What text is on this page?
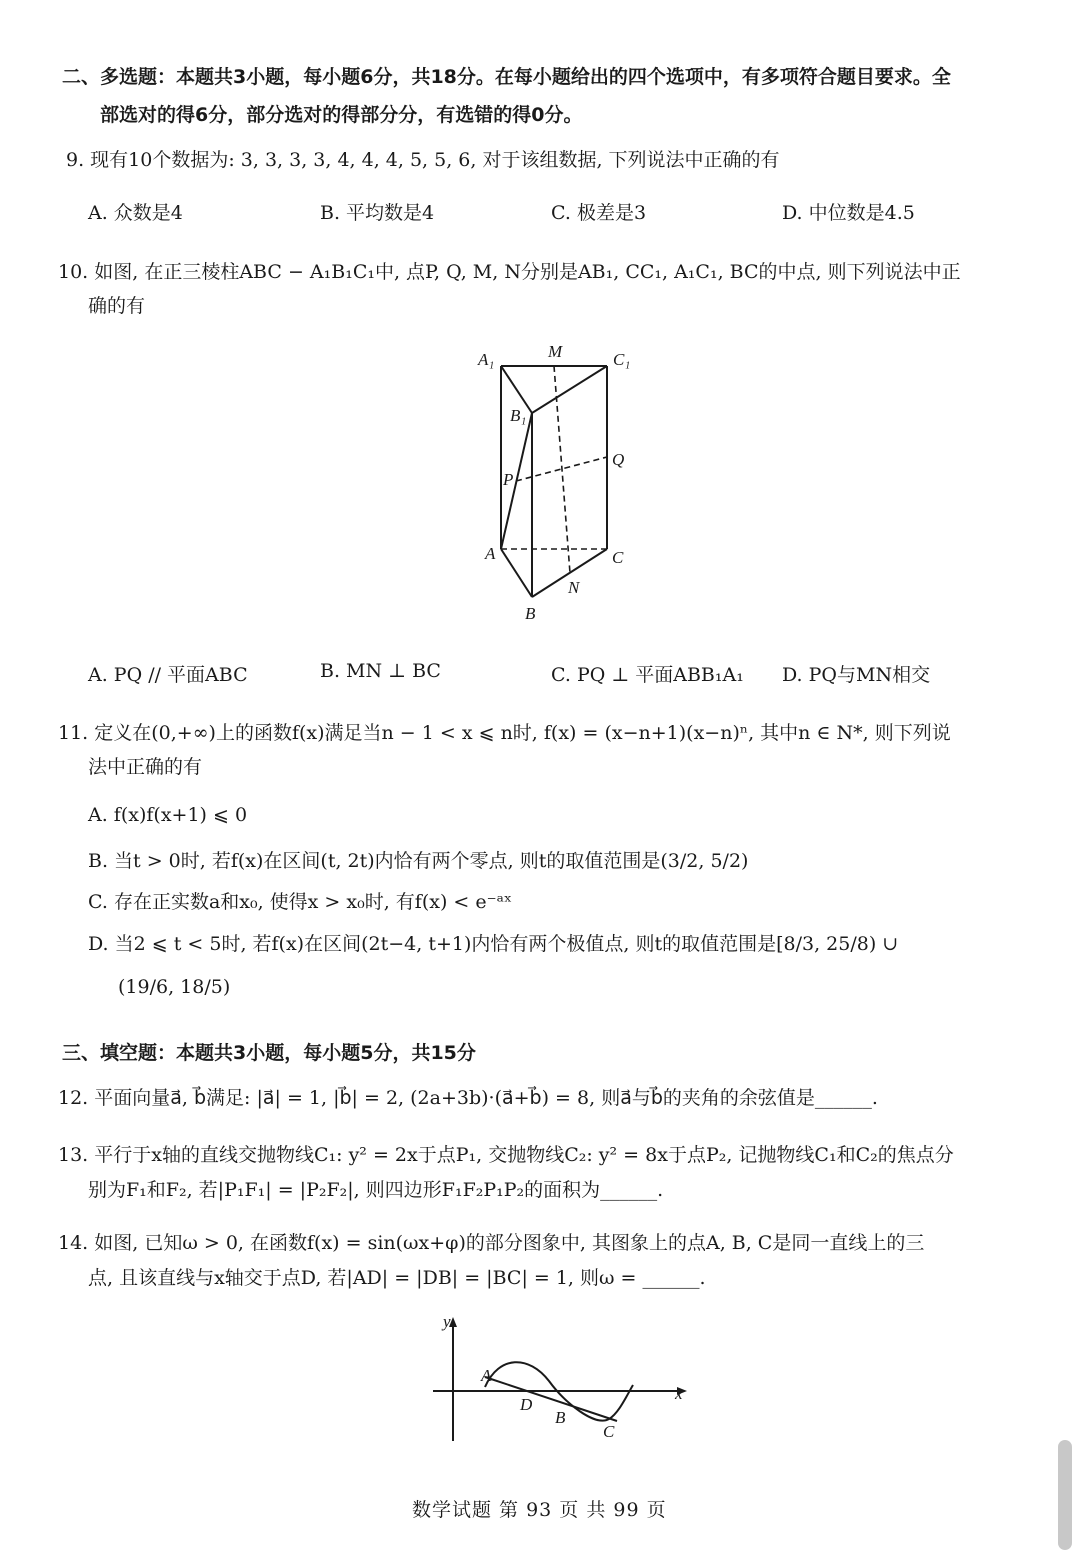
二、多选题：本题共3小题，每小题6分，共18分。在每小题给出的四个选项中，有多项符合题目要求。全
部选对的得6分，部分选对的得部分分，有选错的得0分。
9. 现有10个数据为: 3, 3, 3, 3, 4, 4, 4, 5, 5, 6, 对于该组数据, 下列说法中正确的有
A. 众数是4	B. 平均数是4	C. 极差是3	D. 中位数是4.5
10. 如图, 在正三棱柱ABC − A₁B₁C₁中, 点P, Q, M, N分别是AB₁, CC₁, A₁C₁, BC的中点, 则下列说法中正
确的有
A₁	M	C₁
B₁
Q
P
A	C
N
B
A. PQ // 平面ABC	B. MN ⊥ BC	C. PQ ⊥ 平面ABB₁A₁ D. PQ与MN相交
11. 定义在(0,+∞)上的函数f(x)满足当n − 1 < x ⩽ n时, f(x) = (x−n+1)(x−n)ⁿ, 其中n ∈ N*, 则下列说
法中正确的有
A. f(x)f(x+1) ⩽ 0
B. 当t > 0时, 若f(x)在区间(t, 2t)内恰有两个零点, 则t的取值范围是(3/2, 5/2)
C. 存在正实数a和x₀, 使得x > x₀时, 有f(x) < e⁻ᵃˣ
D. 当2 ⩽ t < 5时, 若f(x)在区间(2t−4, t+1)内恰有两个极值点, 则t的取值范围是[8/3, 25/8) ∪
(19/6, 18/5)
三、填空题：本题共3小题，每小题5分，共15分
12. 平面向量a⃗, b⃗满足: |a⃗| = 1, |b⃗| = 2, (2a+3b)·(a⃗+b⃗) = 8, 则a⃗与b⃗的夹角的余弦值是______.
13. 平行于x轴的直线交抛物线C₁: y² = 2x于点P₁, 交抛物线C₂: y² = 8x于点P₂, 记抛物线C₁和C₂的焦点分
别为F₁和F₂, 若|P₁F₁| = |P₂F₂|, 则四边形F₁F₂P₁P₂的面积为______.
14. 如图, 已知ω > 0, 在函数f(x) = sin(ωx+φ)的部分图象中, 其图象上的点A, B, C是同一直线上的三
点, 且该直线与x轴交于点D, 若|AD| = |DB| = |BC| = 1, 则ω = ______.
y
x
A
D
B
C
数学试题 第 93 页 共 99 页
